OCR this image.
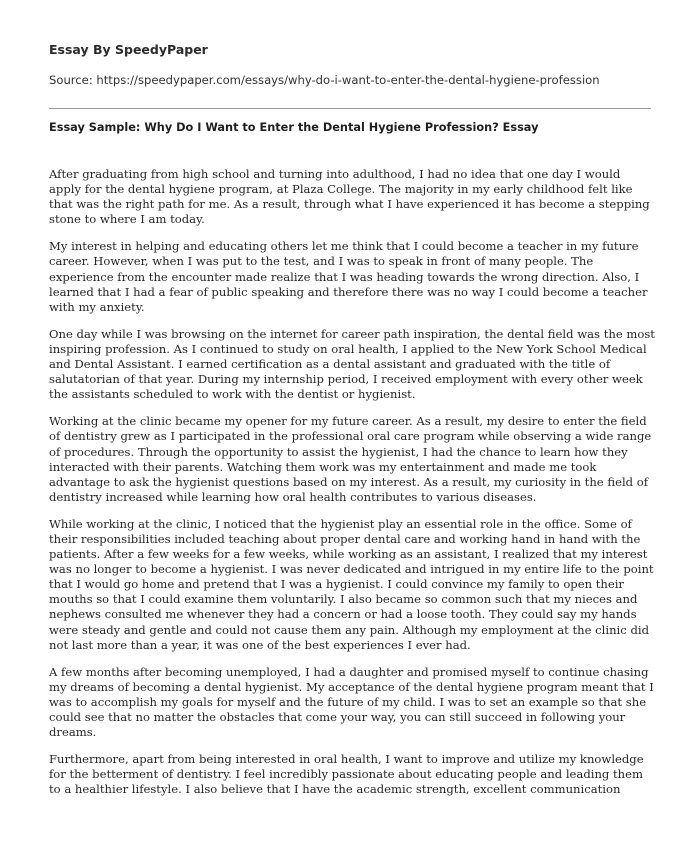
Essay By SpeedyPaper

Source: https://speedypaper.com/essays/why-do-i-want-to-enter-the-dental-hygiene-profession
Essay Sample: Why Do I Want to Enter the Dental Hygiene Profession? Essay

After graduating from high school and turning into adulthood, I had no idea that one day I would apply for the dental hygiene program, at Plaza College. The majority in my early childhood felt like that was the right path for me. As a result, through what I have experienced it has become a stepping stone to where I am today.

My interest in helping and educating others let me think that I could become a teacher in my future career. However, when I was put to the test, and I was to speak in front of many people. The experience from the encounter made realize that I was heading towards the wrong direction. Also, I learned that I had a fear of public speaking and therefore there was no way I could become a teacher with my anxiety.

One day while I was browsing on the internet for career path inspiration, the dental field was the most inspiring profession. As I continued to study on oral health, I applied to the New York School Medical and Dental Assistant. I earned certification as a dental assistant and graduated with the title of salutatorian of that year. During my internship period, I received employment with every other week the assistants scheduled to work with the dentist or hygienist.

Working at the clinic became my opener for my future career. As a result, my desire to enter the field of dentistry grew as I participated in the professional oral care program while observing a wide range of procedures. Through the opportunity to assist the hygienist, I had the chance to learn how they interacted with their parents. Watching them work was my entertainment and made me took advantage to ask the hygienist questions based on my interest. As a result, my curiosity in the field of dentistry increased while learning how oral health contributes to various diseases.

While working at the clinic, I noticed that the hygienist play an essential role in the office. Some of their responsibilities included teaching about proper dental care and working hand in hand with the patients. After a few weeks for a few weeks, while working as an assistant, I realized that my interest was no longer to become a hygienist. I was never dedicated and intrigued in my entire life to the point that I would go home and pretend that I was a hygienist. I could convince my family to open their mouths so that I could examine them voluntarily. I also became so common such that my nieces and nephews consulted me whenever they had a concern or had a loose tooth. They could say my hands were steady and gentle and could not cause them any pain. Although my employment at the clinic did not last more than a year, it was one of the best experiences I ever had.

A few months after becoming unemployed, I had a daughter and promised myself to continue chasing my dreams of becoming a dental hygienist. My acceptance of the dental hygiene program meant that I was to accomplish my goals for myself and the future of my child. I was to set an example so that she could see that no matter the obstacles that come your way, you can still succeed in following your dreams.

Furthermore, apart from being interested in oral health, I want to improve and utilize my knowledge for the betterment of dentistry. I feel incredibly passionate about educating people and leading them to a healthier lifestyle. I also believe that I have the academic strength, excellent communication
